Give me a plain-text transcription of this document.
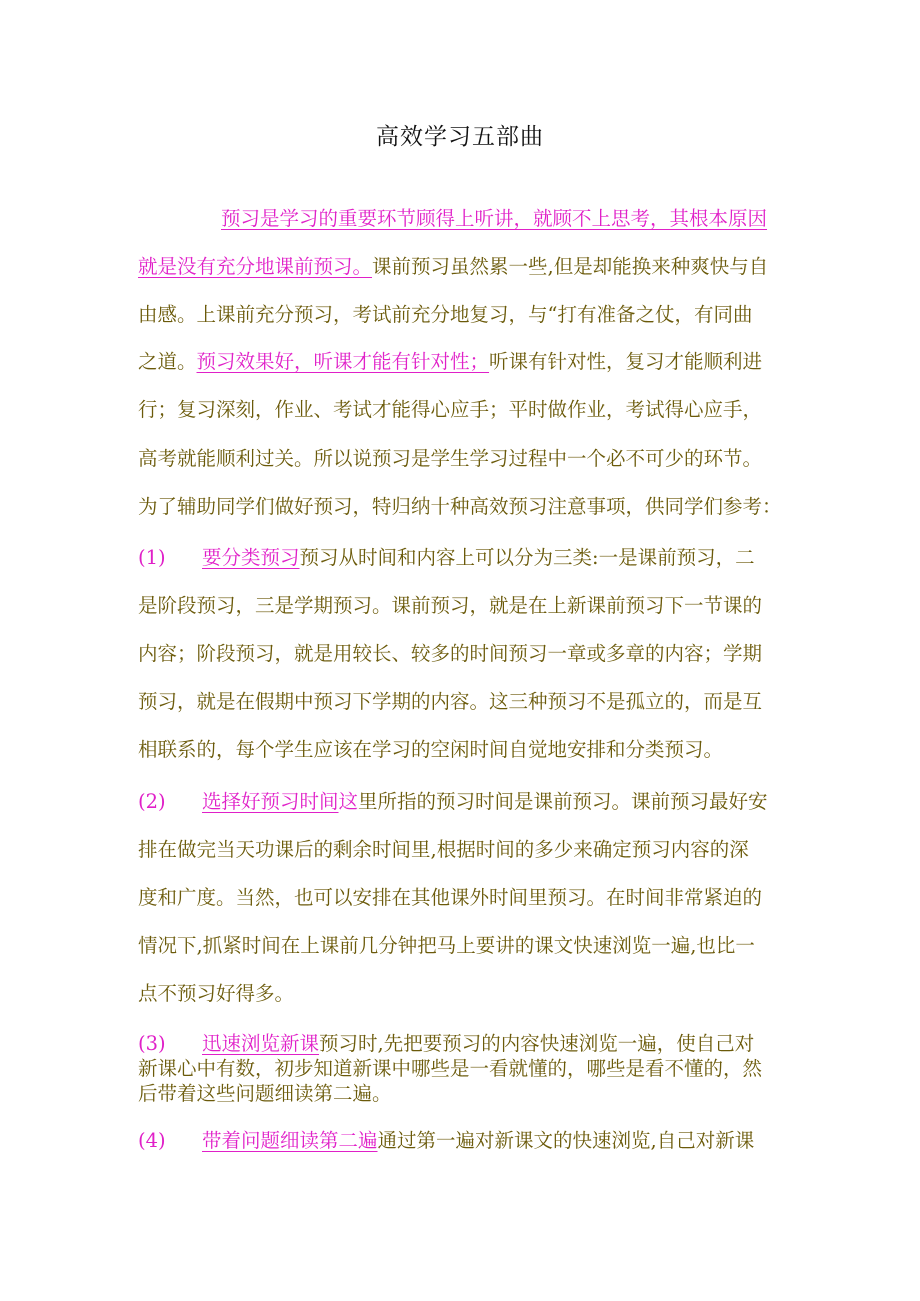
高效学习五部曲
预习是学习的重要环节顾得上听讲，就顾不上思考，其根本原因
就是没有充分地课前预习。课前预习虽然累一些,但是却能换来种爽快与自
由感。上课前充分预习，考试前充分地复习，与“打有准备之仗，有同曲
之道。预习效果好，听课才能有针对性；听课有针对性，复习才能顺利进
行；复习深刻，作业、考试才能得心应手；平时做作业，考试得心应手，
高考就能顺利过关。所以说预习是学生学习过程中一个必不可少的环节。
为了辅助同学们做好预习，特归纳十种高效预习注意事项，供同学们参考：
(1) 要分类预习预习从时间和内容上可以分为三类:一是课前预习，二
是阶段预习，三是学期预习。课前预习，就是在上新课前预习下一节课的
内容；阶段预习，就是用较长、较多的时间预习一章或多章的内容；学期
预习，就是在假期中预习下学期的内容。这三种预习不是孤立的，而是互
相联系的，每个学生应该在学习的空闲时间自觉地安排和分类预习。
(2) 选择好预习时间这里所指的预习时间是课前预习。课前预习最好安
排在做完当天功课后的剩余时间里,根据时间的多少来确定预习内容的深
度和广度。当然，也可以安排在其他课外时间里预习。在时间非常紧迫的
情况下,抓紧时间在上课前几分钟把马上要讲的课文快速浏览一遍,也比一
点不预习好得多。
(3) 迅速浏览新课预习时,先把要预习的内容快速浏览一遍，使自己对
新课心中有数，初步知道新课中哪些是一看就懂的，哪些是看不懂的，然
后带着这些问题细读第二遍。
(4) 带着问题细读第二遍通过第一遍对新课文的快速浏览,自己对新课
